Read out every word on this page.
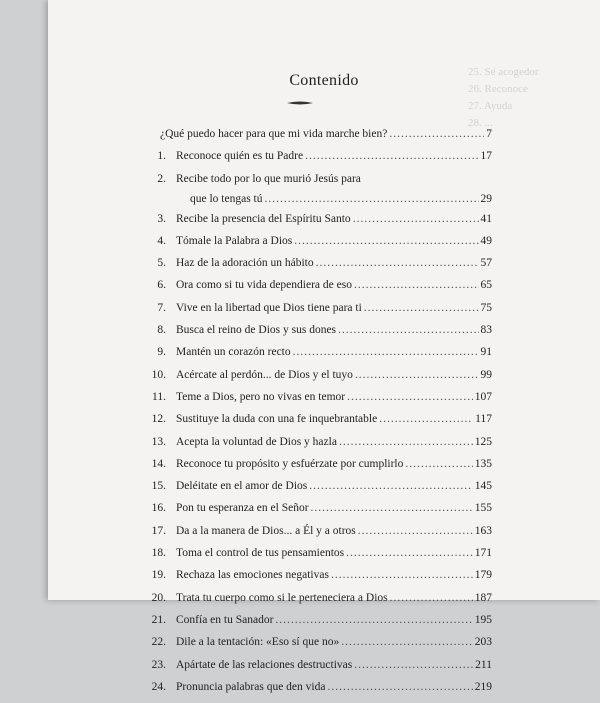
25. Sé acogedor
26. Reconoce
27. Ayuda
28. ...
Contenido
¿Qué puedo hacer para que mi vida marche bien? .....	7
1. Reconoce quién es tu Padre .....	17
2. Recibe todo por lo que murió Jesús para
que lo tengas tú .....	29
3. Recibe la presencia del Espíritu Santo .....	41
4. Tómale la Palabra a Dios .....	49
5. Haz de la adoración un hábito .....	57
6. Ora como si tu vida dependiera de eso .....	65
7. Vive en la libertad que Dios tiene para ti .....	75
8. Busca el reino de Dios y sus dones .....	83
9. Mantén un corazón recto .....	91
10. Acércate al perdón... de Dios y el tuyo .....	99
11. Teme a Dios, pero no vivas en temor .....	107
12. Sustituye la duda con una fe inquebrantable .....	117
13. Acepta la voluntad de Dios y hazla .....	125
14. Reconoce tu propósito y esfuérzate por cumplirlo .....	135
15. Deléitate en el amor de Dios .....	145
16. Pon tu esperanza en el Señor .....	155
17. Da a la manera de Dios... a Él y a otros .....	163
18. Toma el control de tus pensamientos .....	171
19. Rechaza las emociones negativas .....	179
20. Trata tu cuerpo como si le perteneciera a Dios .....	187
21. Confía en tu Sanador .....	195
22. Dile a la tentación: «Eso sí que no» .....	203
23. Apártate de las relaciones destructivas .....	211
24. Pronuncia palabras que den vida .....	219
